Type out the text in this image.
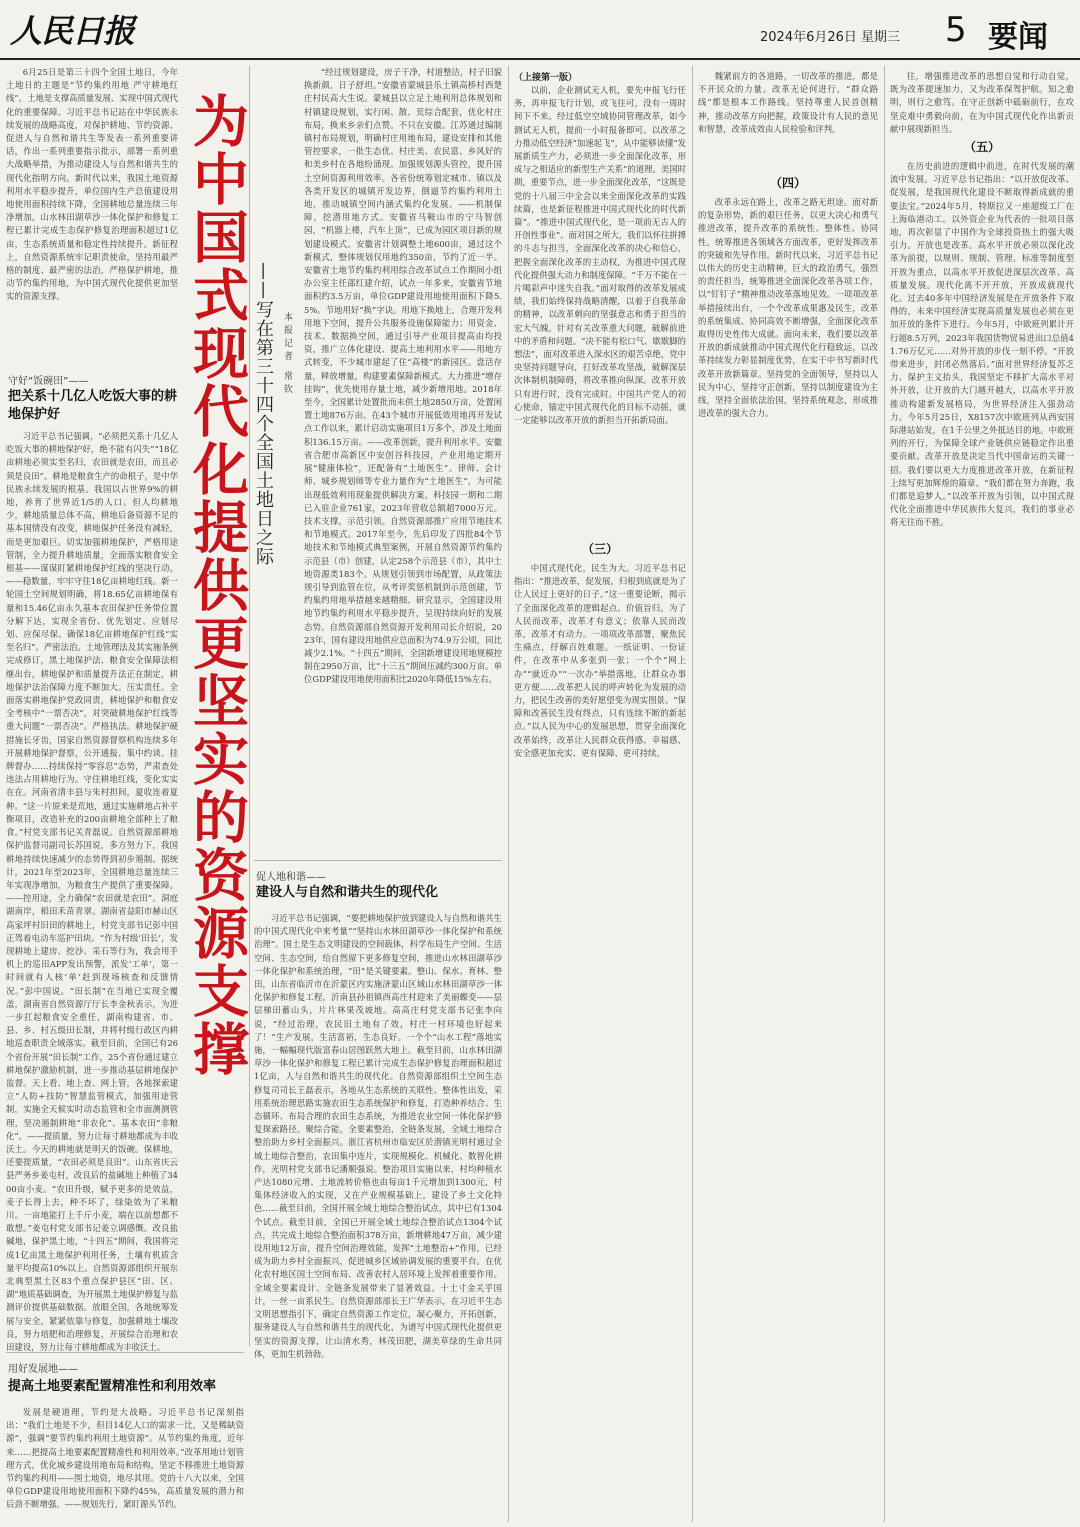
人民日报	2024年6月26日 星期三 5 要闻

6月25日是第三十四个全国土地日，今年土地日的主题是“节约集约用地 严守耕地红线”。土地是支撑高质量发展、实现中国式现代化的重要保障。习近平总书记站在中华民族永续发展的战略高度，对保护耕地、节约资源、促进人与自然和谐共生等发表一系列重要讲话，作出一系列重要指示批示，部署一系列重大战略举措，为推动建设人与自然和谐共生的现代化指明方向。新时代以来，我国土地资源利用水平稳步提升，单位国内生产总值建设用地使用面积持续下降，全国耕地总量连续三年净增加，山水林田湖草沙一体化保护和修复工程已累计完成生态保护修复治理面积超过1亿亩，生态系统质量和稳定性持续提升。新征程上，自然资源系统牢记职责使命，坚持用最严格的制度、最严密的法治，严格保护耕地，推动节约集约用地，为中国式现代化提供更加坚实的资源支撑。

守好“饭碗田”——
把关系十几亿人吃饭大事的耕地保护好

习近平总书记强调，“必须把关系十几亿人吃饭大事的耕地保护好，绝不能有闪失”“18亿亩耕地必须实至名归，农田就是农田，而且必须是良田”。耕地是粮食生产的命根子，是中华民族永续发展的根基。我国以占世界9%的耕地，养育了世界近1/5的人口。但人均耕地少，耕地质量总体不高，耕地后备资源不足的基本国情没有改变，耕地保护任务没有减轻，而是更加艰巨。切实加强耕地保护，严格用途管制，全力提升耕地质量，全面落实粮食安全根基——谋谋盯紧耕地保护红线的坚决行动。——稳数量，牢牢守住18亿亩耕地红线。新一轮国土空间规划明确，将18.65亿亩耕地保有量和15.46亿亩永久基本农田保护任务带位置分解下达，实现全省份、优先划定、应划尽划、应保尽保。确保18亿亩耕地保护红线“实至名归”。严密法治。土地管理法及其实施条例完成修订，黑土地保护法、粮食安全保障法相继出台，耕地保护和质量提升法正在制定，耕地保护法治保障力度不断加大。压实责任。全面落实耕地保护党政同责，耕地保护和粮食安全考核中“一票否决”，对突破耕地保护红线等重大问题“一票否决”。严格执法。耕地保护硬措施长牙齿，国家自然资源督察机构连续多年开展耕地保护督察，公开通报、集中约谈、挂牌督办……持续保持“零容忍”态势，严肃查处违法占用耕地行为。守住耕地红线，变化实实在在。河南省清丰县与朱村担间，夏收连着夏种。“这一片原来是荒地，通过实施耕地占补平衡项目，改造补充的200亩耕地全部种上了粮食。”村党支部书记关青磊说。自然资源部耕地保护监督司副司长苏国说，多方努力下，我国耕地持续快速减少的态势得到初步遏制。据统计，2021年至2023年，全国耕地总量连续三年实现净增加，为粮食生产提供了重要保障。——控用途，全力确保“农田就是农田”。洞庭湖南岸，稻田禾苗青翠。湖南省益阳市赫山区高家坪村旧田的耕地上，村党支部书记彭中国正驾着电动车巡护田块。“作为村级‘田长’，发现耕地上建房、挖沙、采石等行为，我会用手机上的巡田APP发出预警，派发‘工单’，第一时间就有人核‘单’赶到现场核查和反馈情况。”彭中国说。“田长制”在当地已实现全覆盖，湖南省自然资源厅厅长李金秋表示，为进一步扛起粮食安全重任，湖南构建省、市、县、乡、村五级田长制，并将村级行政区内耕地巡查职责全域落实。截至目前，全国已有26个省份开展“田长制”工作，25个省份通过建立耕地保护激励机制，进一步推动基层耕地保护监督。天上看、地上查、网上管，各地探索建立“人防+技防”智慧监管模式，加强用途管制，实施全天候实时动态监管和全市面测测管理，坚决遏制耕地“非农化”、基本农田“非粮化”。——提质量，努力让每寸耕地都成为丰收沃土。今天的耕地就是明天的饭碗。保耕地，还要提质量，“农田必须是良田”。山东省庆云县严务乡姜屯村，改良后的盐碱地上种植了3400亩小麦。“农田升级，赋予更多的是效益，麦子长得上去，种不坏了，绿染效为了米粮川。一亩地能打上千斤小麦，端在以前想都不敢想。”姜屯村党支部书记姜立调感慨。改良盐碱地，保护黑土地，“十四五”期间，我国将完成1亿亩黑土地保护利用任务，土壤有机质含量平均提高10%以上。自然资源部组织开展东北典型黑土区83个重点保护县区“田、区、湖”地质基础调查，为开展黑土地保护修复与监测评价提供基础数据。放眼全国，各地统筹发展与安全，紧紧依靠与修复，加强耕地土壤改良，努力培肥和治理修复，开展综合治理和农田建设，努力让每寸耕地都成为丰收沃土。

用好发展地——
提高土地要素配置精准性和利用效率

发展是硬道理，节约是大战略。习近平总书记深刻指出：“我们土地是不少，但目14亿人口的需求一比，又是稀缺资源”，强调“要节约集约利用土地资源”。从节约集约角度，近年来……把提高土地要素配置精准性和利用效率。”改革用地计划管理方式，优化城乡建设用地布局和结构，坚定不移推进土地资源节约集约利用——围土地资，地尽其用。党的十八大以来，全国单位GDP建设用地使用面积下降约45%，高质量发展的潜力和后劲不断增强。——规划先行，紧盯源头节约。

为中国式现代化提供更坚实的资源支撑 ——写在第三十四个全国土地日之际 本报记者 常钦

“经过规划建设，房子干净，村道整洁，村子旧貌换新颜，日子舒坦。”安徽省蒙城县乐土镇高桥村西楚庄村民高大生说。蒙城县以立足土地利用总体规划和村镇建设规划，实行闲、散、荒综合配套，优化村庄布局，换来乡亲们点赞。不只在安徽。江苏通过编制镇村布局规划，明确村庄用地布局，建设安排和其他管控要求，一批生态优、村庄美、农民富、乡风好的和美乡村在各地纷涌现。加强规划源头管控，提升国土空间资源利用效率。各省份统筹划定城市、镇以及各类开发区的城镇开发边界，倒逼节约集约利用土地，推动城镇空间内涵式集约化发展。——机制保障，挖潜用地方式。安徽省马鞍山市的宁马智创园，“机器上楼，汽车上顶”，已成为园区项目新的规划建设模式。安徽省计划调整土地600亩，通过这个新模式，整体规划仅用地约350亩，节约了近一半。安徽省土地节约集约利用综合改革试点工作期间小组办公室主任邵红建介绍，试点一年多来，安徽省节地面积约3.5万亩，单位GDP建设用地使用面积下降5.5%。节地用好“换”字诀。用地下换地上，合理开发利用地下空间，提升公共服务设施保障能力；用资金、技术、数据换空间，通过引导产业项目提高由均投资，推广立体化建设、提高土地利用水平——用地方式转变，不少城市建起了住“高楼”的新园区。盘活存量，释放增量，构建要素保障新模式。大力推进“增存挂钩”，优先使用存量土地，减少新增用地。2018年至今，全国累计处置批而未供土地2850万亩，处置闲置土地876万亩。在43个城市开展低效用地再开发试点工作以来，累计启动实施项目1万多个，涉及土地面积136.15万亩。——改革创新，提升利用水平。安徽省合肥市高新区中安创谷科技园，产业用地定期开展“健康体检”，还配备有“土地医生”。律师、会计师、城乡规划师等专业力量作为“土地医生”，为可能出现低效利用现象提供解决方案。科技园一期和二期已入驻企业761家，2023年营收总额超7000万元。技术支撑，示范引领。自然资源部推广应用节地技术和节地模式。2017年至今，先后印发了四批84个节地技术和节地模式典型案例，开展自然资源节约集约示范县（市）创建，认定258个示范县（市），其中土地资源类183个。从规划引领到市场配置，从政策法规引导到监管在位，从考评奖惩机制到示范创建，节约集约用地举措越来越精细、研究显示，全国建设用地节约集约利用水平稳步提升，呈现持续向好的发展态势。自然资源部自然资源开发利用司长介绍说，2023年，国有建设用地供应总面积为74.9万公顷，同比减少2.1%。“十四五”期间，全国新增建设用地规模控制在2950万亩，比“十三五”期间压减约300万亩。单位GDP建设用地使用面积比2020年降低15%左右。

促人地和谐——
建设人与自然和谐共生的现代化

习近平总书记强调，“要把耕地保护放到建设人与自然和谐共生的中国式现代化中来考量”“坚持山水林田湖草沙一体化保护和系统治理”。国土是生态文明建设的空间载体，科学布局生产空间、生活空间、生态空间，给自然留下更多修复空间，推进山水林田湖草沙一体化保护和系统治理，“田”是关键要素。整山、保水、育林、整田，山东省临沂市在沂蒙区内实施济蒙山区域山水林田湖草沙一体化保护和修复工程，沂南县孙祖镇西高庄村迎来了美丽蝶变——层层梯田蓄山头，片片林果茂坡地。高高庄村党支部书记张李向说，“经过治理，农民旧土地有了效，村庄一村环境也好起来了！”生产发展，生活富裕，生态良好。一个个“山水工程”落地实施，一幅幅现代版富春山居图跃然大地上。截至目前，山水林田湖草沙一体化保护和修复工程已累计完成生态保护修复治理面积超过1亿亩，人与自然和谐共生的现代化。自然资源部组织土空间生态修复司司长王磊表示，各地从生态系统的关联性、整体性出发，采用系统治理思路实施农田生态系统保护和修复，打造种养结合、生态循环、布局合理的农田生态系统，为推进农业空间一体化保护修复探索路径。聚综合能，全要素整治，全链条发展，全域土地综合整治助力乡村全面振兴。浙江省杭州市临安区於潜镇光明村通过全域土地综合整治，农田集中连片，实现规模化、机械化、数智化耕作，光明村党支部书记潘顺强说。整治项目实施以来，村均种植水产达1080元增、土地流转价格也由每亩1千元增加到1300元，村集体经济收入的实现，又在产业规模基础上，建设了乡土文化特色……截至目前，全国开展全域土地综合整治试点，其中已有1304个试点。截至目前，全国已开展全域土地综合整治试点1304个试点，共完成土地综合整治面积378万亩，新增耕地47万亩，减少建设用地12万亩，提升空间治理效能，发挥“土地整治+”作用，已经成为助力乡村全面振兴，促进城乡区域协调发展的重要平台。在优化农村地区国土空间布局、改善农村人居环境上发挥着重要作用。全域全要素设计、全链条发展带来了显著效益。十士寸金关乎国计，一丝一亩系民生。自然资源部部长王广华表示，在习近平生态文明思想指引下，确定自然资源工作定位，凝心聚力，开拓创新，服务建设人与自然和谐共生的现代化，为谱写中国式现代化提供更坚实的资源支撑，让山清水秀，林茂田肥，湖美草绿的生命共同体，更加生机勃勃。

（上接第一版）

以前，企业测试无人机，要先申报飞行任务，再申报飞行计划，或飞往可，没有一周时间下不来。经过低空空域协同管理改革，如今测试无人机，提前一小时报备即可。以改革之力推动低空经济“加速起飞”，从中能够读懂“发展新质生产力，必须进一步全面深化改革，形成与之相适应的新型生产关系”的道理。美国时期，重要节点，进一步全面深化改革，“这既是党的十八届三中全会以来全面深化改革的实践续篇，也是新征程推进中国式现代化的时代新篇”。“推进中国式现代化，是一项前无古人的开创性事业”。面对国之所大，我们以怀往拼搏的斗志与担当，全面深化改革的决心和信心，把握全面深化改革的主动权，为推进中国式现代化提供强大动力和制度保障。“千万不能在一片喝彩声中迷失自我。”面对取得的改革发展成绩，我们始终保持战略清醒，以着于自我革命的精神，以改革刺向的坚强意志和勇于担当的宏大气魄，针对有关改革重大问题，破解前进中的矛盾和问题。“决不能有松口气、歇歇脚的想法”，面对改革进入深水区的艰苦卓绝，党中央坚持问题导向，打好改革攻坚战，破解深层次体制机制障碍，将改革推向纵深。改革开放只有进行时，没有完成时。中国共产党人的初心使命，锚定中国式现代化的目标不动摇，就一定能够以改革开放的新担当开拓新局面。

（三）

中国式现代化，民生为大。习近平总书记指出：“推进改革，促发展，归根到底就是为了让人民过上更好的日子。”这一重要论断，揭示了全面深化改革的逻辑起点、价值旨归。为了人民而改革，改革才有意义；依靠人民而改革，改革才有动力。一项项改革部署，聚焦民生痛点，纾解百姓难题。一纸证明、一份证件，在改革中从多张到一张；一个个“网上办”“就近办”“一次办”举措落地，让群众办事更方便……改革把人民的呼声转化为发展的动力，把民生改善的美好愿望变为现实图景。“保障和改善民生没有终点，只有连续不断的新起点。”以人民为中心的发展思想，贯穿全面深化改革始终，改革让人民群众获得感、幸福感、安全感更加充实、更有保障、更可持续。

魏紧前方的各道路，一切改革的推进，都是不开民众的力量。改革无论何进行，“群众路线”都是根本工作路线。坚持尊重人民首创精神，推动改革方向把握，政策设计有人民的意见和智慧，改革成效由人民检验和评判。

（四）

改革永远在路上，改革之路无坦途。面对新的复杂形势，新的艰巨任务，以更大决心和勇气推进改革，提升改革的系统性、整体性、协同性，统筹推进各领域各方面改革，更好发挥改革的突破和先导作用。新时代以来，习近平总书记以伟大的历史主动精神，巨大的政治勇气，强烈的责任担当，统筹推进全面深化改革各项工作，以“钉钉子”精神推动改革落地见效。一项项改革举措接续出台，一个个改革成果惠及民生，改革的系统集成、协同高效不断增强，全面深化改革取得历史性伟大成就。面向未来，我们要以改革开放的新成就推动中国式现代化行稳致远，以改革持续发力彰显制度优势，在实干中书写新时代改革开放新篇章。坚持党的全面领导，坚持以人民为中心，坚持守正创新，坚持以制度建设为主线，坚持全面依法治国，坚持系统观念，形成推进改革的强大合力。

往，增强推进改革的思想自觉和行动自觉，既为改革提速加力，又为改革保驾护航。知之愈明，则行之愈笃。在守正创新中砥砺前行，在攻坚克难中勇毅向前，在为中国式现代化作出新贡献中展现新担当。

（五）

在历史前进的逻辑中前进，在时代发展的潮流中发展。习近平总书记指出：“以开放促改革、促发展，是我国现代化建设不断取得新成就的重要法宝。”2024年5月，特斯拉又一座超级工厂在上海临港动工。以外资企业为代表的一批项目落地，再次彰显了中国作为全球投资热土的强大吸引力。开放也是改革。高水平开放必须以深化改革为前提，以规则、规制、管理、标准等制度型开放为重点，以高水平开放促进深层次改革、高质量发展。现代化离不开开放，开放成就现代化。过去40多年中国经济发展是在开放条件下取得的，未来中国经济实现高质量发展也必须在更加开放的条件下进行。今年5月，中欧班列累计开行超8.5万列，2023年我国货物贸易进出口总值41.76万亿元……对外开放的步伐一刻不停。“开放带来进步，封闭必然落后。”面对世界经济复苏乏力、保护主义抬头，我国坚定不移扩大高水平对外开放，让开放的大门越开越大，以高水平开放推动构建新发展格局，为世界经济注入强劲动力。今年5月25日，X8157次中欧班列从西安国际港站始发，在1千公里之外抵达目的地。中欧班列的开行，为保障全球产业链供应链稳定作出重要贡献。改革开放是决定当代中国命运的关键一招。我们要以更大力度推进改革开放，在新征程上续写更加辉煌的篇章。“我们都在努力奔跑，我们都是追梦人。”以改革开放为引领，以中国式现代化全面推进中华民族伟大复兴，我们的事业必将无往而不胜。
